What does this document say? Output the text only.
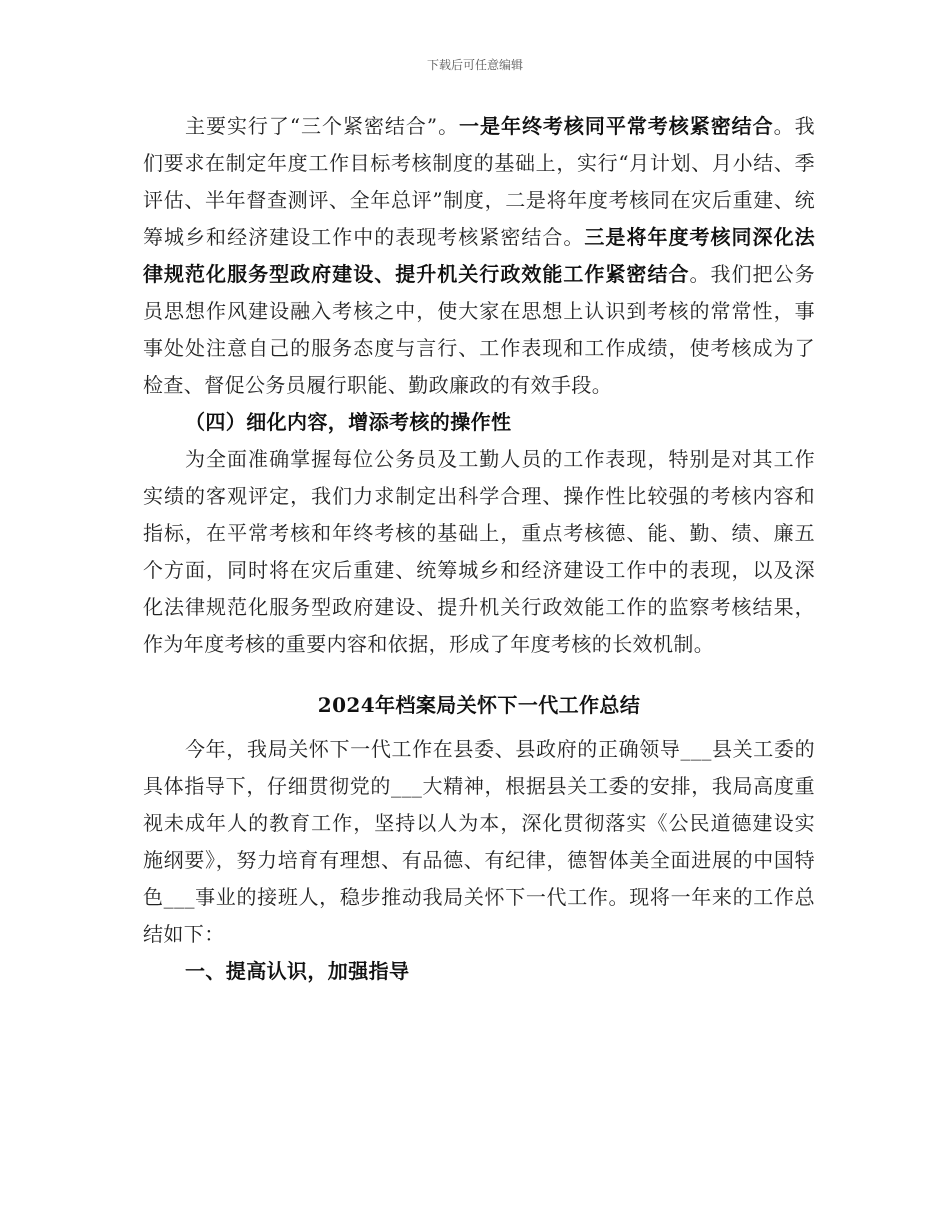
下载后可任意编辑

主要实行了“三个紧密结合”。一是年终考核同平常考核紧密结合。我们要求在制定年度工作目标考核制度的基础上，实行“月计划、月小结、季评估、半年督查测评、全年总评”制度，二是将年度考核同在灾后重建、统筹城乡和经济建设工作中的表现考核紧密结合。三是将年度考核同深化法律规范化服务型政府建设、提升机关行政效能工作紧密结合。我们把公务员思想作风建设融入考核之中，使大家在思想上认识到考核的常常性，事事处处注意自己的服务态度与言行、工作表现和工作成绩，使考核成为了检查、督促公务员履行职能、勤政廉政的有效手段。

（四）细化内容，增添考核的操作性

为全面准确掌握每位公务员及工勤人员的工作表现，特别是对其工作实绩的客观评定，我们力求制定出科学合理、操作性比较强的考核内容和指标，在平常考核和年终考核的基础上，重点考核德、能、勤、绩、廉五个方面，同时将在灾后重建、统筹城乡和经济建设工作中的表现，以及深化法律规范化服务型政府建设、提升机关行政效能工作的监察考核结果，作为年度考核的重要内容和依据，形成了年度考核的长效机制。

2024年档案局关怀下一代工作总结

今年，我局关怀下一代工作在县委、县政府的正确领导___县关工委的具体指导下，仔细贯彻党的___大精神，根据县关工委的安排，我局高度重视未成年人的教育工作，坚持以人为本，深化贯彻落实《公民道德建设实施纲要》，努力培育有理想、有品德、有纪律，德智体美全面进展的中国特色___事业的接班人，稳步推动我局关怀下一代工作。现将一年来的工作总结如下：

一、提高认识，加强指导
